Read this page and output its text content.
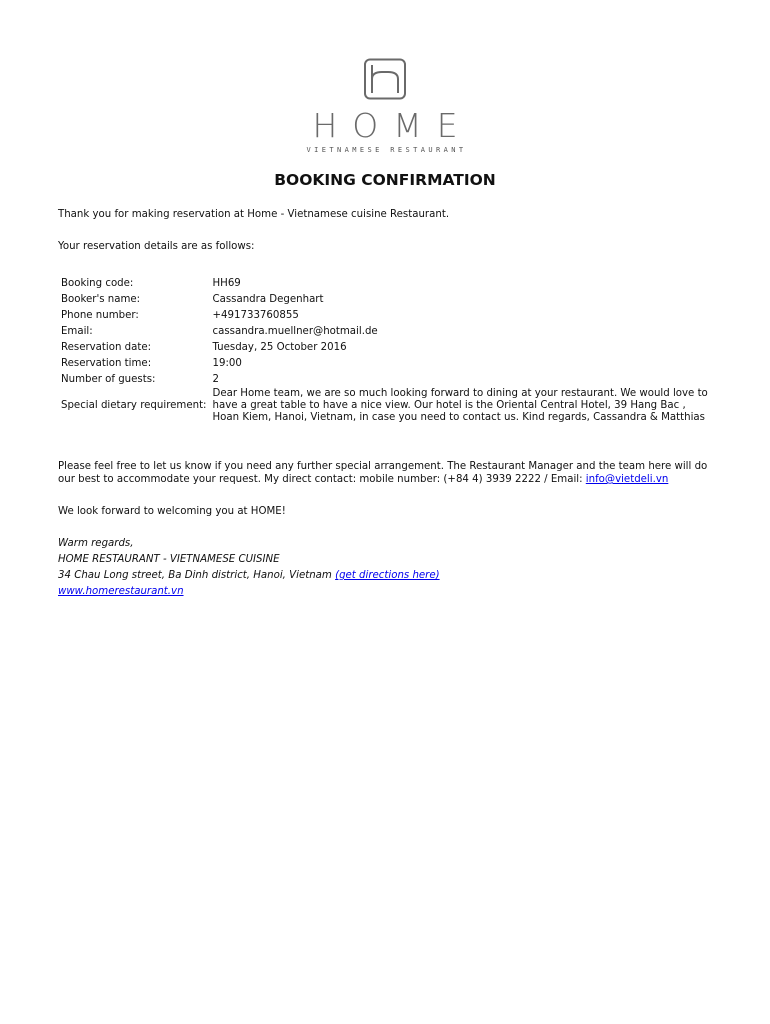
HOME
VIETNAMESE RESTAURANT
BOOKING CONFIRMATION
Thank you for making reservation at Home - Vietnamese cuisine Restaurant.
Your reservation details are as follows:
Booking code:	HH69
Booker's name:	Cassandra Degenhart
Phone number:	+491733760855
Email:	cassandra.muellner@hotmail.de
Reservation date:	Tuesday, 25 October 2016
Reservation time:	19:00
Number of guests:	2
Special dietary requirement:	Dear Home team, we are so much looking forward to dining at your restaurant. We would love to have a great table to have a nice view. Our hotel is the Oriental Central Hotel, 39 Hang Bac , Hoan Kiem, Hanoi, Vietnam, in case you need to contact us. Kind regards, Cassandra & Matthias
Please feel free to let us know if you need any further special arrangement. The Restaurant Manager and the team here will do our best to accommodate your request. My direct contact: mobile number: (+84 4) 3939 2222 / Email: info@vietdeli.vn
We look forward to welcoming you at HOME!
Warm regards,
HOME RESTAURANT - VIETNAMESE CUISINE
34 Chau Long street, Ba Dinh district, Hanoi, Vietnam (get directions here)
www.homerestaurant.vn
